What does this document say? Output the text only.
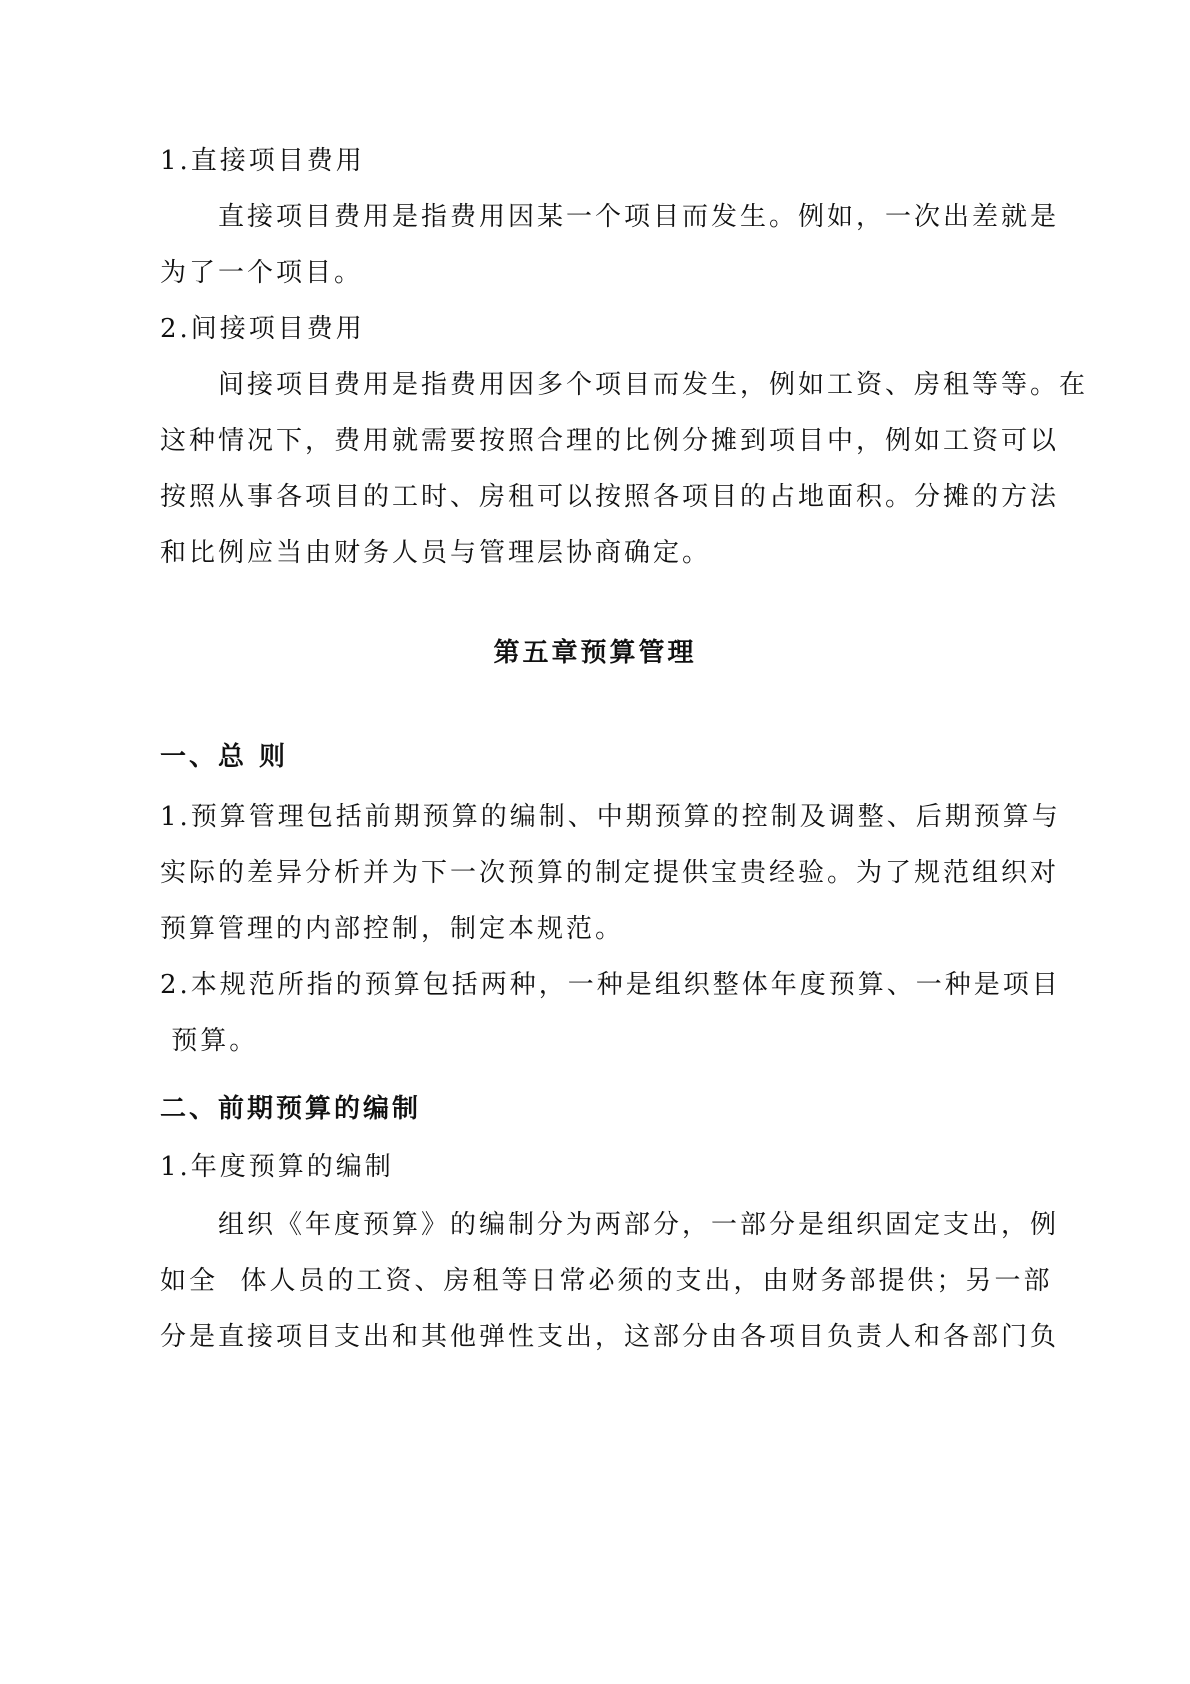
1.直接项目费用
直接项目费用是指费用因某一个项目而发生。例如，一次出差就是
为了一个项目。
2.间接项目费用
间接项目费用是指费用因多个项目而发生，例如工资、房租等等。在
这种情况下，费用就需要按照合理的比例分摊到项目中，例如工资可以
按照从事各项目的工时、房租可以按照各项目的占地面积。分摊的方法
和比例应当由财务人员与管理层协商确定。
第五章预算管理
一、总 则
1.预算管理包括前期预算的编制、中期预算的控制及调整、后期预算与
实际的差异分析并为下一次预算的制定提供宝贵经验。为了规范组织对
预算管理的内部控制，制定本规范。
2.本规范所指的预算包括两种，一种是组织整体年度预算、一种是项目
预算。
二、前期预算的编制
1.年度预算的编制
组织《年度预算》的编制分为两部分，一部分是组织固定支出，例
如全  体人员的工资、房租等日常必须的支出，由财务部提供；另一部
分是直接项目支出和其他弹性支出，这部分由各项目负责人和各部门负
